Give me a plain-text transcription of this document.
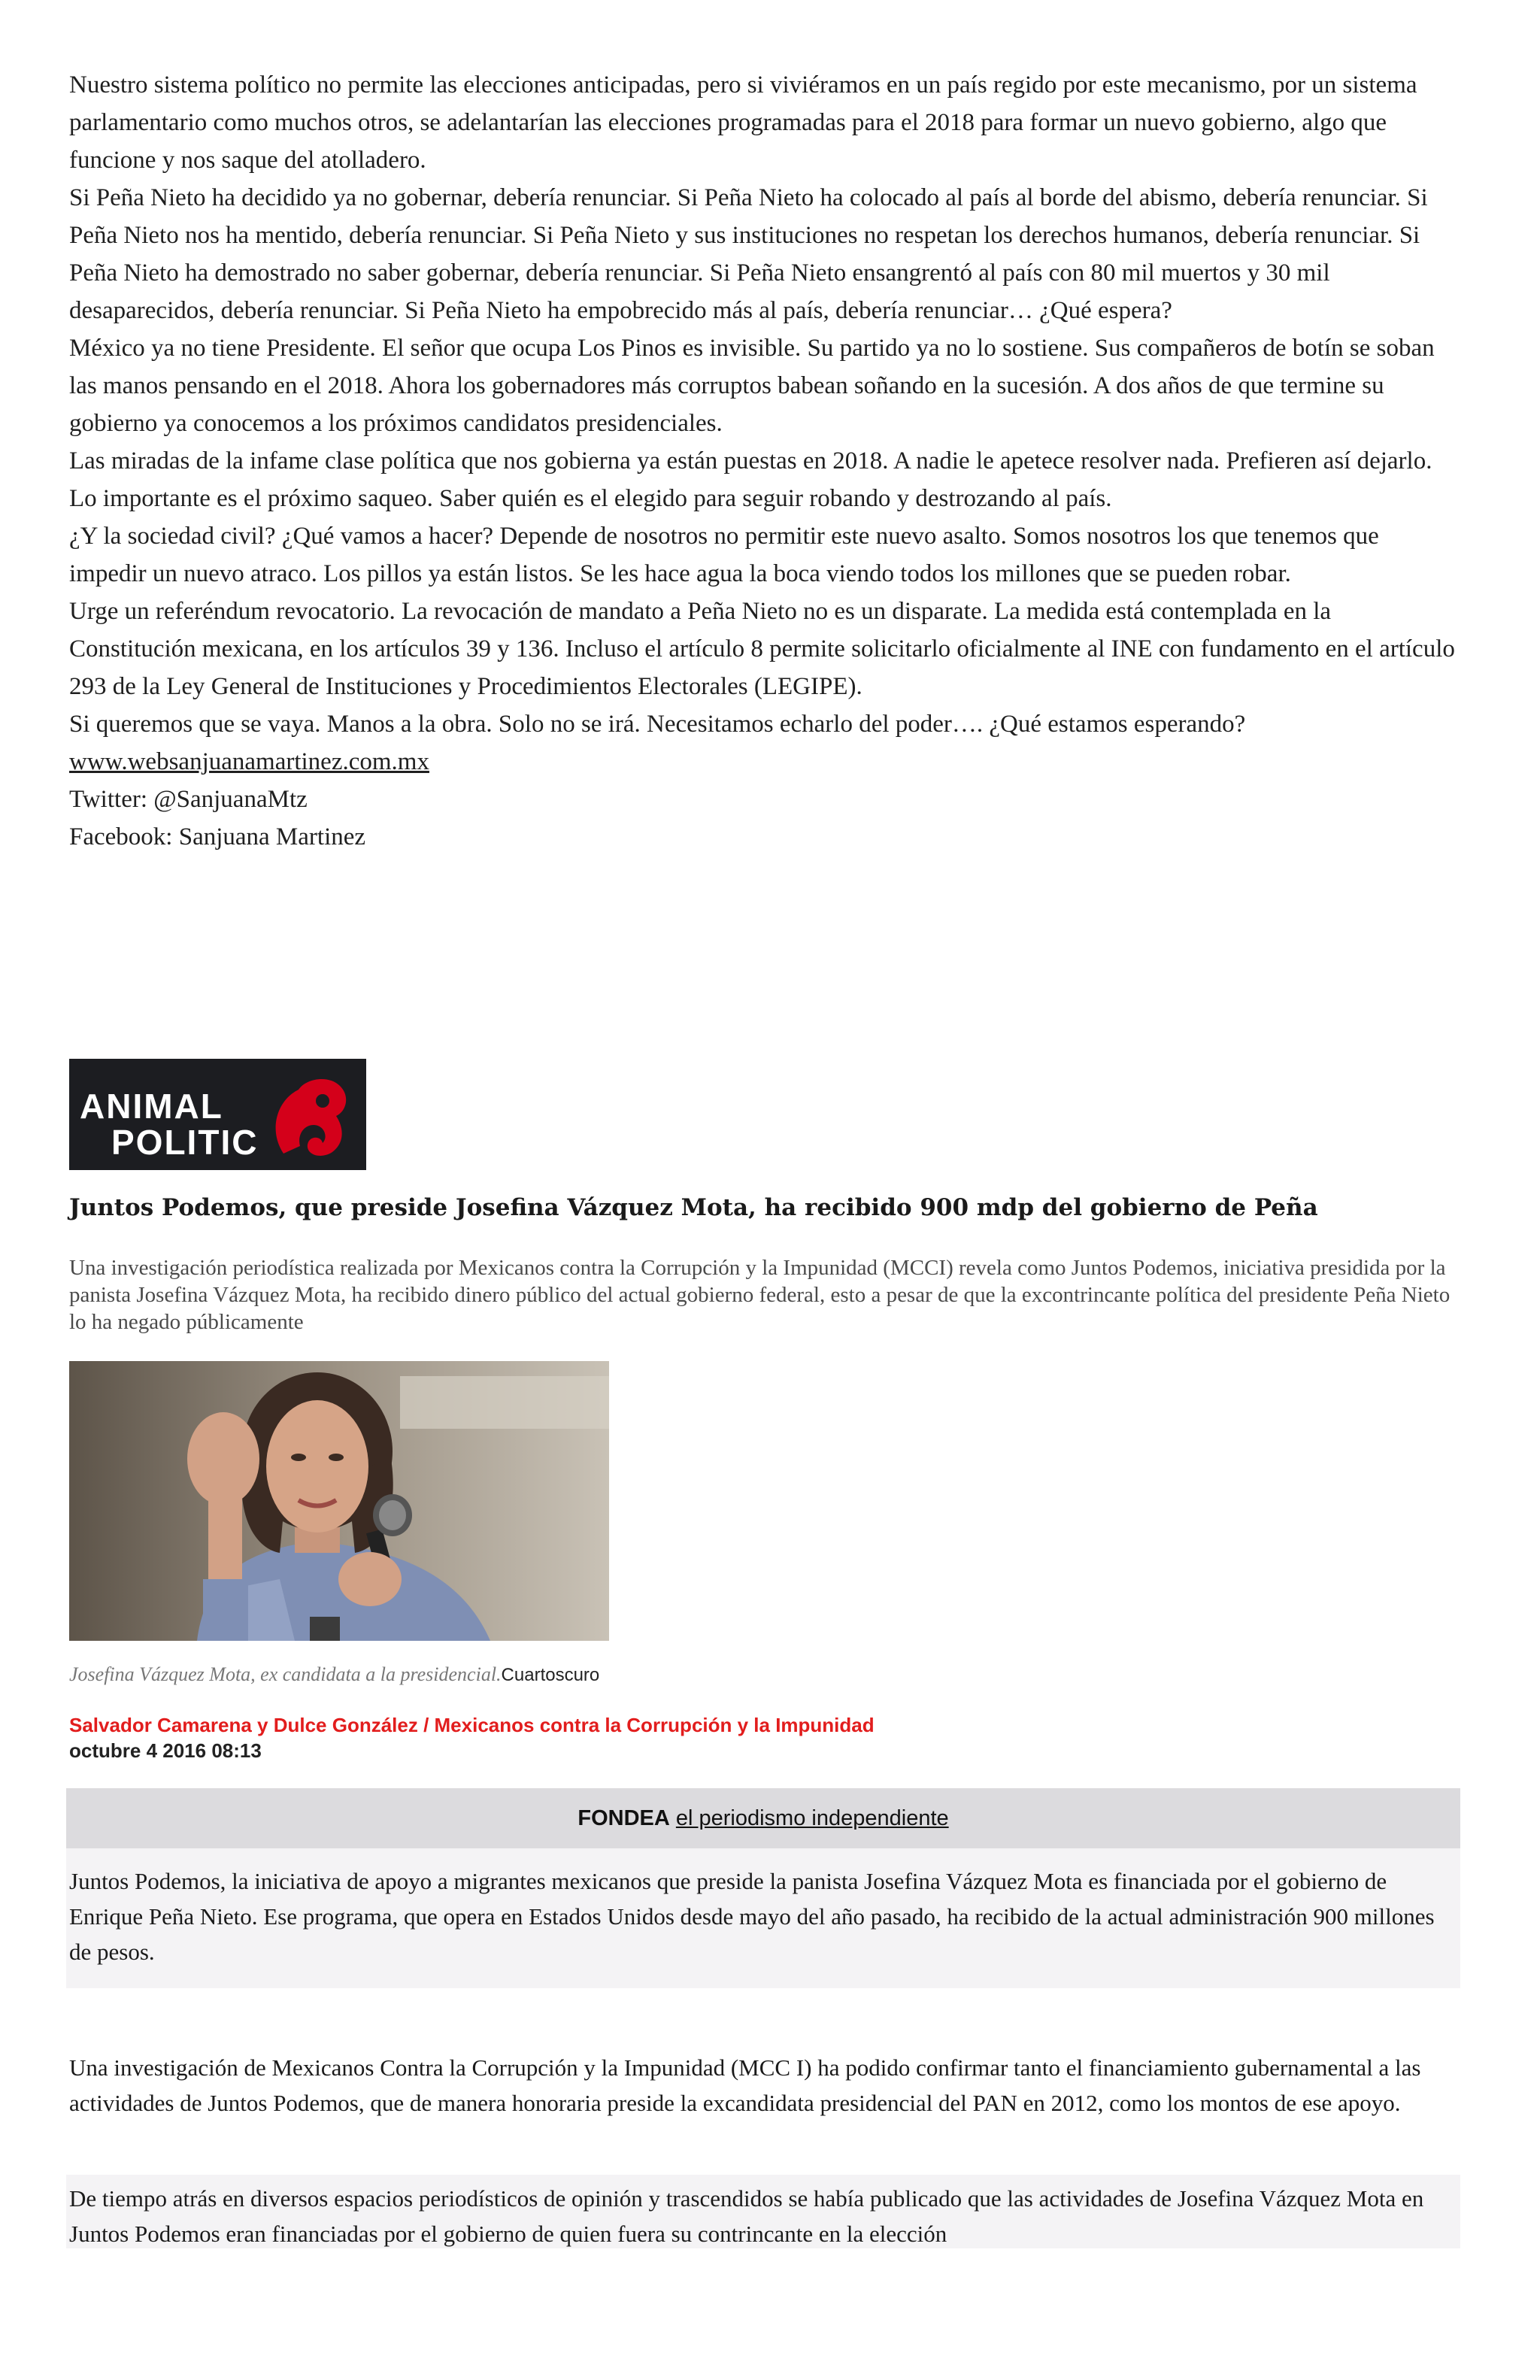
Nuestro sistema político no permite las elecciones anticipadas, pero si viviéramos en un país regido por este mecanismo, por un sistema parlamentario como muchos otros, se adelantarían las elecciones programadas para el 2018 para formar un nuevo gobierno, algo que funcione y nos saque del atolladero.

Si Peña Nieto ha decidido ya no gobernar, debería renunciar. Si Peña Nieto ha colocado al país al borde del abismo, debería renunciar. Si Peña Nieto nos ha mentido, debería renunciar. Si Peña Nieto y sus instituciones no respetan los derechos humanos, debería renunciar. Si Peña Nieto ha demostrado no saber gobernar, debería renunciar. Si Peña Nieto ensangrentó al país con 80 mil muertos y 30 mil desaparecidos, debería renunciar. Si Peña Nieto ha empobrecido más al país, debería renunciar… ¿Qué espera?

México ya no tiene Presidente. El señor que ocupa Los Pinos es invisible. Su partido ya no lo sostiene. Sus compañeros de botín se soban las manos pensando en el 2018. Ahora los gobernadores más corruptos babean soñando en la sucesión. A dos años de que termine su gobierno ya conocemos a los próximos candidatos presidenciales.

Las miradas de la infame clase política que nos gobierna ya están puestas en 2018. A nadie le apetece resolver nada. Prefieren así dejarlo. Lo importante es el próximo saqueo. Saber quién es el elegido para seguir robando y destrozando al país.

¿Y la sociedad civil? ¿Qué vamos a hacer? Depende de nosotros no permitir este nuevo asalto. Somos nosotros los que tenemos que impedir un nuevo atraco. Los pillos ya están listos. Se les hace agua la boca viendo todos los millones que se pueden robar.

Urge un referéndum revocatorio. La revocación de mandato a Peña Nieto no es un disparate. La medida está contemplada en la Constitución mexicana, en los artículos 39 y 136. Incluso el artículo 8 permite solicitarlo oficialmente al INE con fundamento en el artículo 293 de la Ley General de Instituciones y Procedimientos Electorales (LEGIPE).

Si queremos que se vaya. Manos a la obra. Solo no se irá. Necesitamos echarlo del poder…. ¿Qué estamos esperando?

www.websanjuanamartinez.com.mx

Twitter: @SanjuanaMtz

Facebook: Sanjuana Martinez

ANIMAL
POLITIC
Juntos Podemos, que preside Josefina Vázquez Mota, ha recibido 900 mdp del gobierno de Peña

Una investigación periodística realizada por Mexicanos contra la Corrupción y la Impunidad (MCCI) revela como Juntos Podemos, iniciativa presidida por la panista Josefina Vázquez Mota, ha recibido dinero público del actual gobierno federal, esto a pesar de que la excontrincante política del presidente Peña Nieto lo ha negado públicamente

Josefina Vázquez Mota, ex candidata a la presidencial.Cuartoscuro
Salvador Camarena y Dulce González / Mexicanos contra la Corrupción y la Impunidad
octubre 4 2016 08:13
FONDEA el periodismo independiente

Juntos Podemos, la iniciativa de apoyo a migrantes mexicanos que preside la panista Josefina Vázquez Mota es financiada por el gobierno de Enrique Peña Nieto. Ese programa, que opera en Estados Unidos desde mayo del año pasado, ha recibido de la actual administración 900 millones de pesos.

Una investigación de Mexicanos Contra la Corrupción y la Impunidad (MCC I) ha podido confirmar tanto el financiamiento gubernamental a las actividades de Juntos Podemos, que de manera honoraria preside la excandidata presidencial del PAN en 2012, como los montos de ese apoyo.

De tiempo atrás en diversos espacios periodísticos de opinión y trascendidos se había publicado que las actividades de Josefina Vázquez Mota en Juntos Podemos eran financiadas por el gobierno de quien fuera su contrincante en la elección
